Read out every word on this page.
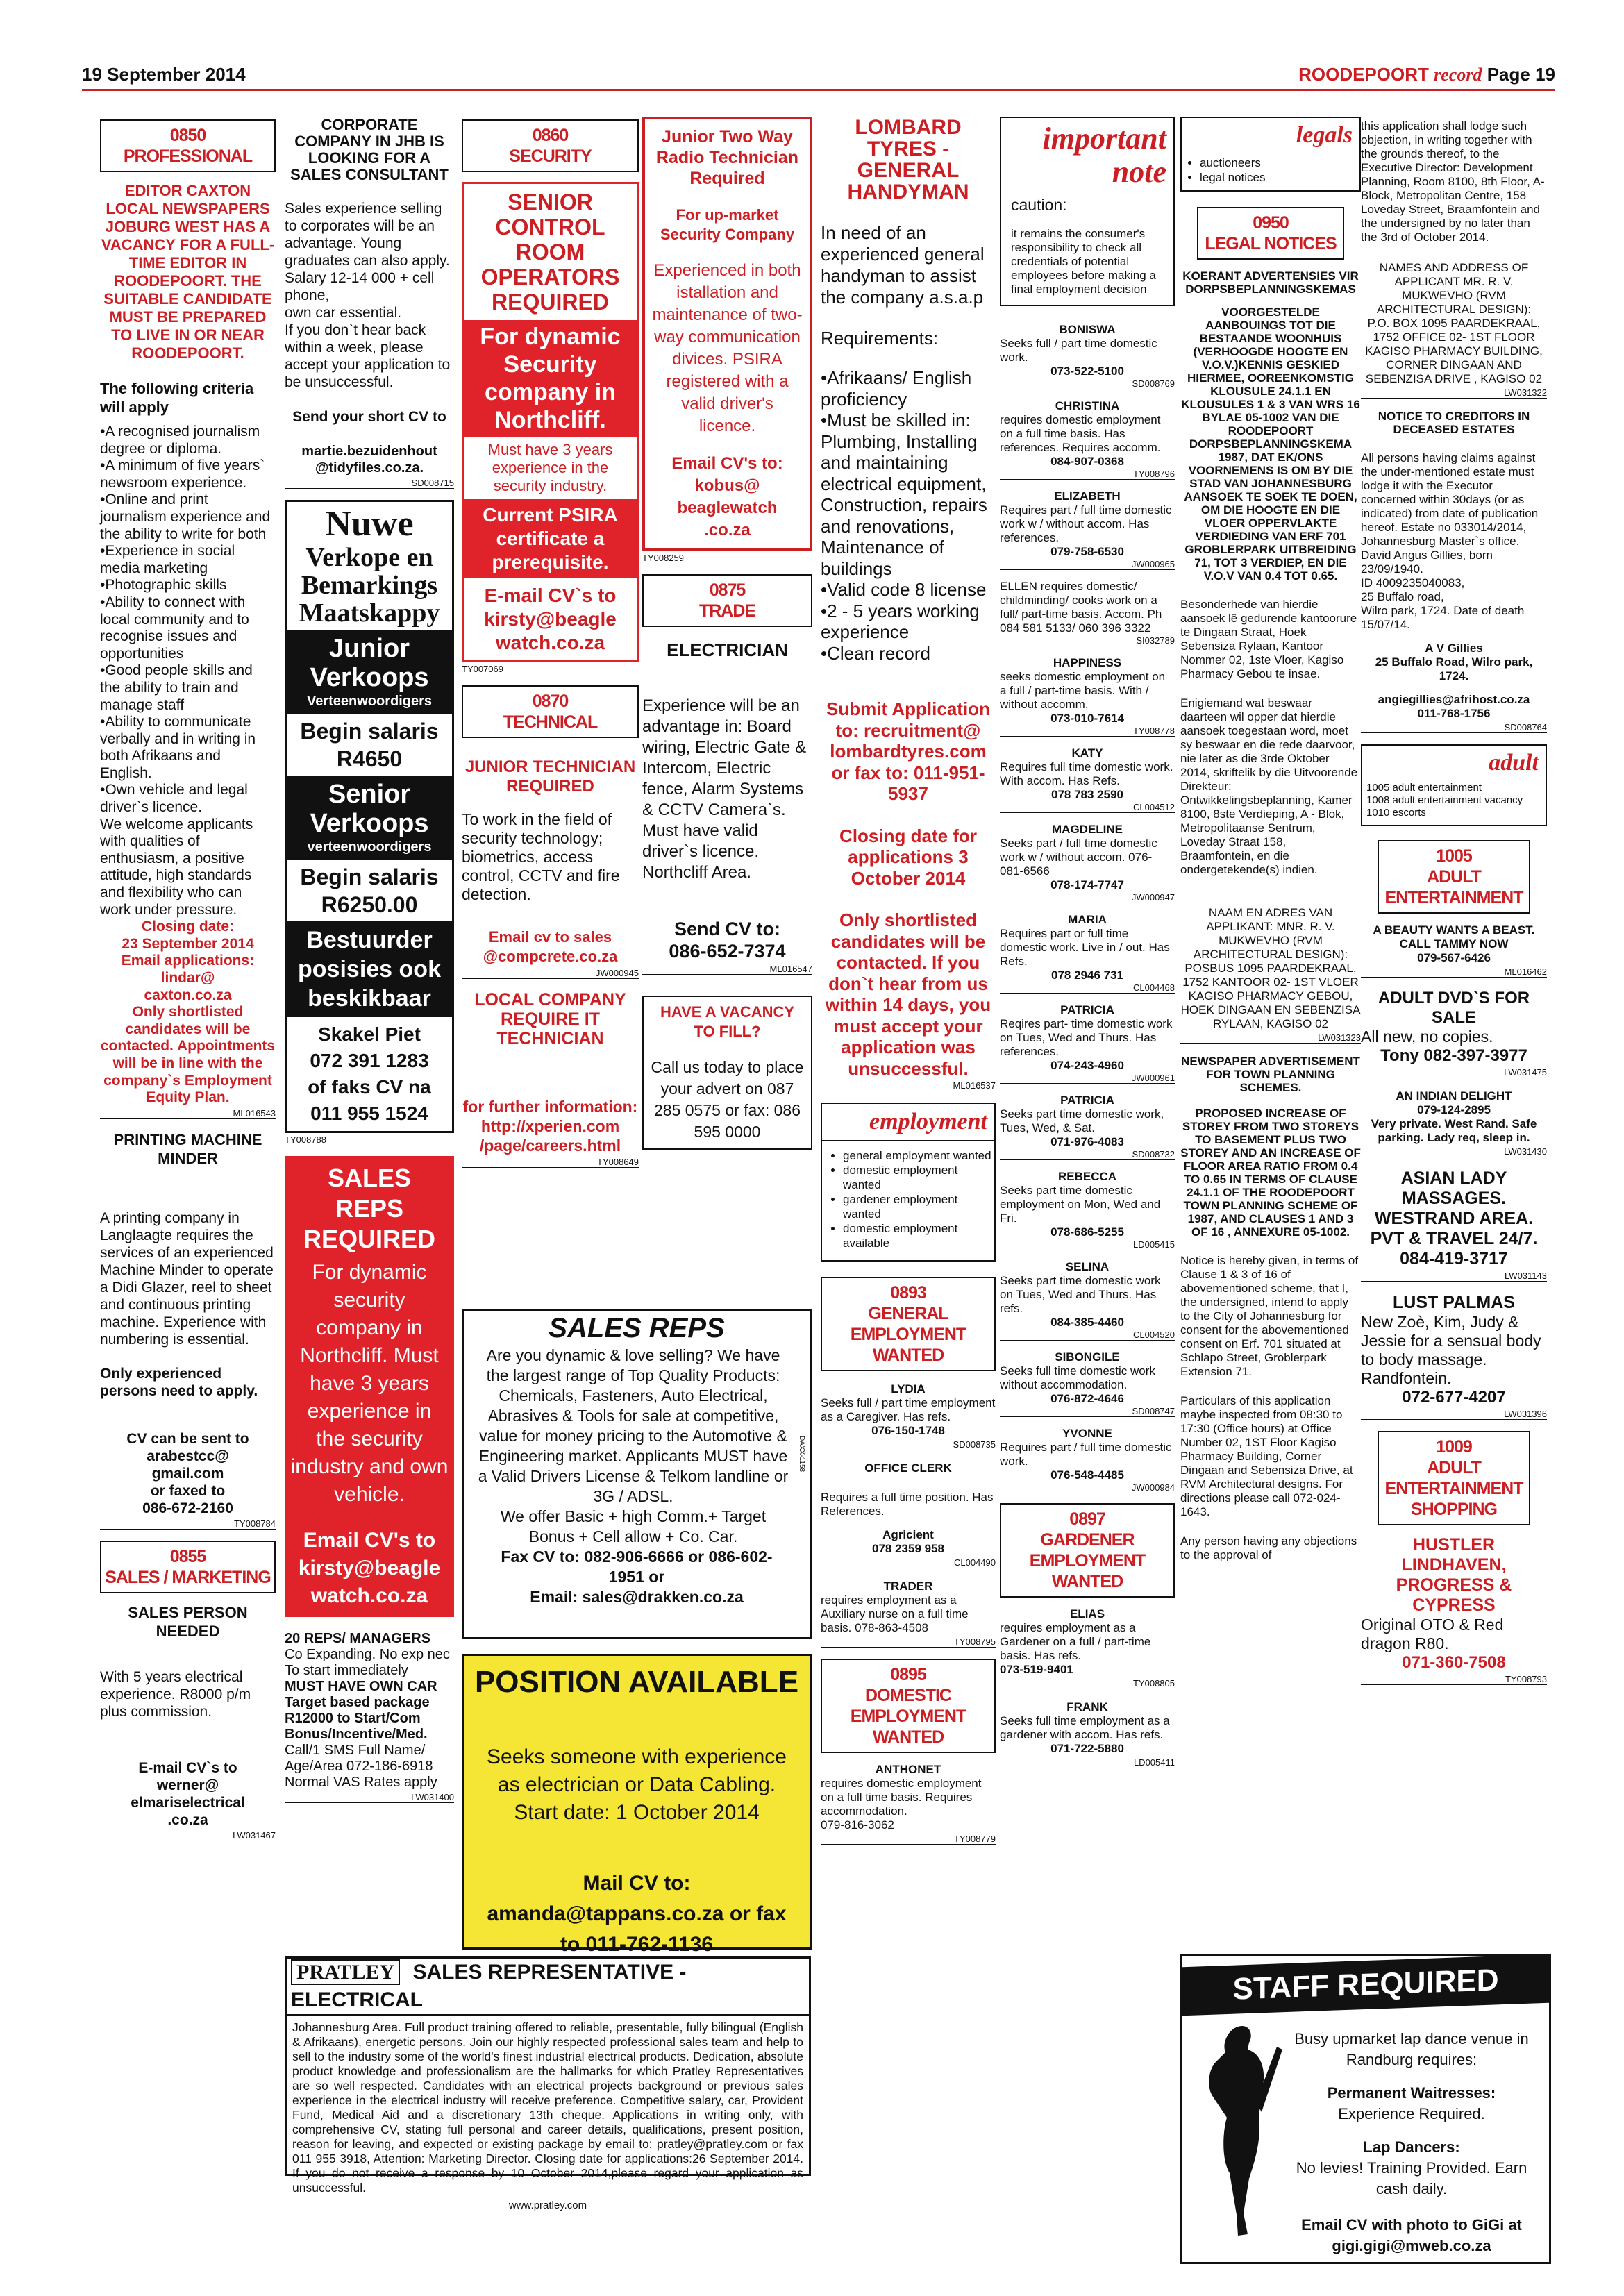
19 September 2014	ROODEPOORT record Page 19
0850
PROFESSIONAL
EDITOR CAXTON LOCAL NEWSPAPERS JOBURG WEST HAS A VACANCY FOR A FULL-TIME EDITOR IN ROODEPOORT. THE SUITABLE CANDIDATE MUST BE PREPARED TO LIVE IN OR NEAR ROODEPOORT.
The following criteria will apply
•A recognised journalism degree or diploma.
•A minimum of five years` newsroom experience.
•Online and print journalism experience and the ability to write for both
•Experience in social media marketing
•Photographic skills
•Ability to connect with local community and to recognise issues and opportunities
•Good people skills and the ability to train and manage staff
•Ability to communicate verbally and in writing in both Afrikaans and English.
•Own vehicle and legal driver`s licence.
We welcome applicants with qualities of enthusiasm, a positive attitude, high standards and flexibility who can work under pressure.
Closing date:
23 September 2014
Email applications:
lindar@
caxton.co.za
Only shortlisted candidates will be contacted. Appointments will be in line with the company`s Employment Equity Plan.
ML016543
PRINTING MACHINE MINDER
A printing company in Langlaagte requires the services of an experienced Machine Minder to operate a Didi Glazer, reel to sheet and continuous printing machine. Experience with numbering is essential.
Only experienced persons need to apply.
CV can be sent to arabestcc@
gmail.com
or faxed to
086-672-2160
TY008784
0855
SALES / MARKETING
SALES PERSON NEEDED
With 5 years electrical experience. R8000 p/m plus commission.
E-mail CV`s to
werner@
elmariselectrical
.co.za
LW031467
CORPORATE COMPANY IN JHB IS LOOKING FOR A SALES CONSULTANT
Sales experience selling to corporates will be an advantage. Young graduates can also apply. Salary 12-14 000 + cell phone,
own car essential.
If you don`t hear back within a week, please accept your application to be unsuccessful.
Send your short CV to
martie.bezuidenhout
@tidyfiles.co.za.
SD008715
Nuwe
Verkope en
Bemarkings
Maatskappy
Junior
Verkoops
Verteenwoordigers
Begin salaris
R4650
Senior
Verkoops
verteenwoordigers
Begin salaris
R6250.00
Bestuurder
posisies ook
beskikbaar
Skakel Piet
072 391 1283
of faks CV na
011 955 1524
TY008788
SALES REPS REQUIRED
For dynamic security company in Northcliff. Must have 3 years experience in the security industry and own vehicle.
Email CV's to kirsty@beagle watch.co.za
20 REPS/ MANAGERS
Co Expanding. No exp nec
To start immediately
MUST HAVE OWN CAR
Target based package
R12000 to Start/Com
Bonus/Incentive/Med.
Call/1 SMS Full Name/ Age/Area 072-186-6918
Normal VAS Rates apply
LW031400
0860
SECURITY
SENIOR CONTROL ROOM OPERATORS REQUIRED
For dynamic Security company in Northcliff.
Must have 3 years experience in the security industry.
Current PSIRA certificate a prerequisite.
E-mail CV`s to kirsty@beagle watch.co.za
TY007069
0870
TECHNICAL
JUNIOR TECHNICIAN REQUIRED
To work in the field of security technology; biometrics, access control, CCTV and fire detection.
Email cv to sales @compcrete.co.za
JW000945
LOCAL COMPANY REQUIRE IT TECHNICIAN
for further information: http://xperien.com /page/careers.html
TY008649
Junior Two Way Radio Technician Required
For up-market Security Company
Experienced in both istallation and maintenance of two-way communication divices. PSIRA registered with a valid driver's licence.
Email CV's to: kobus@ beaglewatch .co.za
TY008259
0875
TRADE
ELECTRICIAN
Experience will be an advantage in: Board wiring, Electric Gate & Intercom, Electric fence, Alarm Systems & CCTV Camera`s. Must have valid driver`s licence.
Northcliff Area.
Send CV to:
086-652-7374
ML016547
HAVE A VACANCY TO FILL?
Call us today to place your advert on 087 285 0575 or fax: 086 595 0000
SALES REPS
Are you dynamic & love selling? We have the largest range of Top Quality Products: Chemicals, Fasteners, Auto Electrical, Abrasives & Tools for sale at competitive, value for money pricing to the Automotive & Engineering market. Applicants MUST have a Valid Drivers License & Telkom landline or 3G / ADSL.
We offer Basic + high Comm.+ Target Bonus + Cell allow + Co. Car.
Fax CV to: 082-906-6666 or 086-602-1951 or
Email: sales@drakken.co.za
DAXX-1158
POSITION AVAILABLE
Seeks someone with experience as electrician or Data Cabling. Start date: 1 October 2014
Mail CV to: amanda@tappans.co.za or fax to 011-762-1136
PRATLEY SALES REPRESENTATIVE - ELECTRICAL
Johannesburg Area. Full product training offered to reliable, presentable, fully bilingual (English & Afrikaans), energetic persons. Join our highly respected professional sales team and help to sell to the industry some of the world's finest industrial electrical products. Dedication, absolute product knowledge and professionalism are the hallmarks for which Pratley Representatives are so well respected. Candidates with an electrical projects background or previous sales experience in the electrical industry will receive preference. Competitive salary, car, Provident Fund, Medical Aid and a discretionary 13th cheque. Applications in writing only, with comprehensive CV, stating full personal and career details, qualifications, present position, reason for leaving, and expected or existing package by email to: pratley@pratley.com or fax 011 955 3918, Attention: Marketing Director. Closing date for applications:26 September 2014. If you do not receive a response by 10 October 2014,please regard your application as unsuccessful.
www.pratley.com
LOMBARD TYRES - GENERAL HANDYMAN
In need of an experienced general handyman to assist the company a.s.a.p
Requirements:
•Afrikaans/ English proficiency
•Must be skilled in: Plumbing, Installing and maintaining electrical equipment, Construction, repairs and renovations, Maintenance of buildings
•Valid code 8 license
•2 - 5 years working experience
•Clean record
Submit Application to: recruitment@ lombardtyres.com or fax to: 011-951-5937
Closing date for applications 3 October 2014
Only shortlisted candidates will be contacted. If you don`t hear from us within 14 days, you must accept your application was unsuccessful.
ML016537
employment
• general employment wanted
• domestic employment wanted
• gardener employment wanted
• domestic employment available
0893
GENERAL EMPLOYMENT WANTED
LYDIA
Seeks full / part time employment as a Caregiver. Has refs.
076-150-1748
SD008735
OFFICE CLERK
Requires a full time position. Has References.
Agricient
078 2359 958
CL004490
TRADER
requires employment as a Auxiliary nurse on a full time basis. 078-863-4508
TY008795
0895
DOMESTIC EMPLOYMENT WANTED
ANTHONET
requires domestic employment on a full time basis. Requires accommodation.
079-816-3062
TY008779
important
note
caution:
it remains the consumer's responsibility to check all credentials of potential employees before making a final employment decision
BONISWA
Seeks full / part time domestic work.
073-522-5100
SD008769
CHRISTINA
requires domestic employment on a full time basis. Has references. Requires accomm.
084-907-0368
TY008796
ELIZABETH
Requires part / full time domestic work w / without accom. Has references.
079-758-6530
JW000965
ELLEN requires domestic/ childminding/ cooks work on a full/ part-time basis. Accom. Ph 084 581 5133/ 060 396 3322
SI032789
HAPPINESS
seeks domestic employment on a full / part-time basis. With / without accomm.
073-010-7614
TY008778
KATY
Requires full time domestic work. With accom. Has Refs.
078 783 2590
CL004512
MAGDELINE
Seeks part / full time domestic work w / without accom. 076-081-6566
078-174-7747
JW000947
MARIA
Requires part or full time domestic work. Live in / out. Has Refs.
078 2946 731
CL004468
PATRICIA
Reqires part- time domestic work on Tues, Wed and Thurs. Has references.
074-243-4960
JW000961
PATRICIA
Seeks part time domestic work, Tues, Wed, & Sat.
071-976-4083
SD008732
REBECCA
Seeks part time domestic employment on Mon, Wed and Fri.
078-686-5255
LD005415
SELINA
Seeks part time domestic work on Tues, Wed and Thurs. Has refs.
084-385-4460
CL004520
SIBONGILE
Seeks full time domestic work without accommodation.
076-872-4646
SD008747
YVONNE
Requires part / full time domestic work.
076-548-4485
JW000984
0897
GARDENER EMPLOYMENT WANTED
ELIAS
requires employment as a Gardener on a full / part-time basis. Has refs.
073-519-9401
TY008805
FRANK
Seeks full time employment as a gardener with accom. Has refs.
071-722-5880
LD005411
legals
• auctioneers
• legal notices
0950
LEGAL NOTICES
KOERANT ADVERTENSIES VIR DORPSBEPLANNINGSKEMAS
VOORGESTELDE AANBOUINGS TOT DIE BESTAANDE WOONHUIS (VERHOOGDE HOOGTE EN V.O.V.)KENNIS GESKIED HIERMEE, OOREENKOMSTIG KLOUSULE 24.1.1 EN KLOUSULES 1 & 3 VAN WRS 16 BYLAE 05-1002 VAN DIE ROODEPOORT DORPSBEPLANNINGSKEMA 1987, DAT EK/ONS VOORNEMENS IS OM BY DIE STAD VAN JOHANNESBURG AANSOEK TE SOEK TE DOEN, OM DIE HOOGTE EN DIE VLOER OPPERVLAKTE VERDIEDING VAN ERF 701 GROBLERPARK UITBREIDING 71, TOT 3 VERDIEP, EN DIE V.O.V VAN 0.4 TOT 0.65.
Besonderhede van hierdie aansoek lê gedurende kantoorure te Dingaan Straat, Hoek Sebensiza Rylaan, Kantoor Nommer 02, 1ste Vloer, Kagiso Pharmacy Gebou te insae.
Enigiemand wat beswaar daarteen wil opper dat hierdie aansoek toegestaan word, moet sy beswaar en die rede daarvoor, nie later as die 3rde Oktober 2014, skriftelik by die Uitvoorende Direkteur: Ontwikkelingsbeplanning, Kamer 8100, 8ste Verdieping, A - Blok, Metropolitaanse Sentrum, Loveday Straat 158, Braamfontein, en die ondergetekende(s) indien.
NAAM EN ADRES VAN APPLIKANT: MNR. R. V. MUKWEVHO (RVM ARCHITECTURAL DESIGN):
POSBUS 1095 PAARDEKRAAL, 1752 KANTOOR 02- 1ST VLOER KAGISO PHARMACY GEBOU, HOEK DINGAAN EN SEBENZISA RYLAAN, KAGISO 02
LW031323
NEWSPAPER ADVERTISEMENT FOR TOWN PLANNING SCHEMES.
PROPOSED INCREASE OF STOREY FROM TWO STOREYS TO BASEMENT PLUS TWO STOREY AND AN INCREASE OF FLOOR AREA RATIO FROM 0.4 TO 0.65 IN TERMS OF CLAUSE 24.1.1 OF THE ROODEPOORT TOWN PLANNING SCHEME OF 1987, AND CLAUSES 1 AND 3 OF 16 , ANNEXURE 05-1002.
Notice is hereby given, in terms of Clause 1 & 3 of 16 of abovementioned scheme, that I, the undersigned, intend to apply to the City of Johannesburg for consent for the abovementioned consent on Erf. 701 situated at Schlapo Street, Groblerpark Extension 71.
Particulars of this application maybe inspected from 08:30 to 17:30 (Office hours) at Office Number 02, 1ST Floor Kagiso Pharmacy Building, Corner Dingaan and Sebensiza Drive, at RVM Architectural designs. For directions please call 072-024-1643.
Any person having any objections to the approval of
this application shall lodge such objection, in writing together with the grounds thereof, to the Executive Director: Development Planning, Room 8100, 8th Floor, A-Block, Metropolitan Centre, 158 Loveday Street, Braamfontein and the undersigned by no later than the 3rd of October 2014.
NAMES AND ADDRESS OF APPLICANT MR. R. V. MUKWEVHO (RVM ARCHITECTURAL DESIGN):
P.O. BOX 1095 PAARDEKRAAL, 1752 OFFICE 02- 1ST FLOOR KAGISO PHARMACY BUILDING, CORNER DINGAAN AND SEBENZISA DRIVE , KAGISO 02
LW031322
NOTICE TO CREDITORS IN DECEASED ESTATES
All persons having claims against the under-mentioned estate must lodge it with the Executor concerned within 30days (or as indicated) from date of publication hereof. Estate no 033014/2014, Johannesburg Master`s office.
David Angus Gillies, born 23/09/1940.
ID 4009235040083,
25 Buffalo road,
Wilro park, 1724. Date of death 15/07/14.
A V Gillies
25 Buffalo Road, Wilro park, 1724.
angiegillies@afrihost.co.za
011-768-1756
SD008764
adult
1005 adult entertainment
1008 adult entertainment vacancy
1010 escorts
1005
ADULT ENTERTAINMENT
A BEAUTY WANTS A BEAST.
CALL TAMMY NOW
079-567-6426
ML016462
ADULT DVD`S FOR SALE
All new, no copies.
Tony 082-397-3977
LW031475
AN INDIAN DELIGHT
079-124-2895
Very private. West Rand. Safe parking. Lady req, sleep in.
LW031430
ASIAN LADY MASSAGES. WESTRAND AREA. PVT & TRAVEL 24/7. 084-419-3717
LW031143
LUST PALMAS
New Zoè, Kim, Judy & Jessie for a sensual body to body massage.
Randfontein.
072-677-4207
LW031396
1009
ADULT ENTERTAINMENT SHOPPING
HUSTLER LINDHAVEN, PROGRESS & CYPRESS
Original OTO & Red dragon R80.
071-360-7508
TY008793
STAFF REQUIRED
Busy upmarket lap dance venue in Randburg requires:
Permanent Waitresses:
Experience Required.
Lap Dancers:
No levies! Training Provided. Earn cash daily.
Email CV with photo to GiGi at gigi.gigi@mweb.co.za
